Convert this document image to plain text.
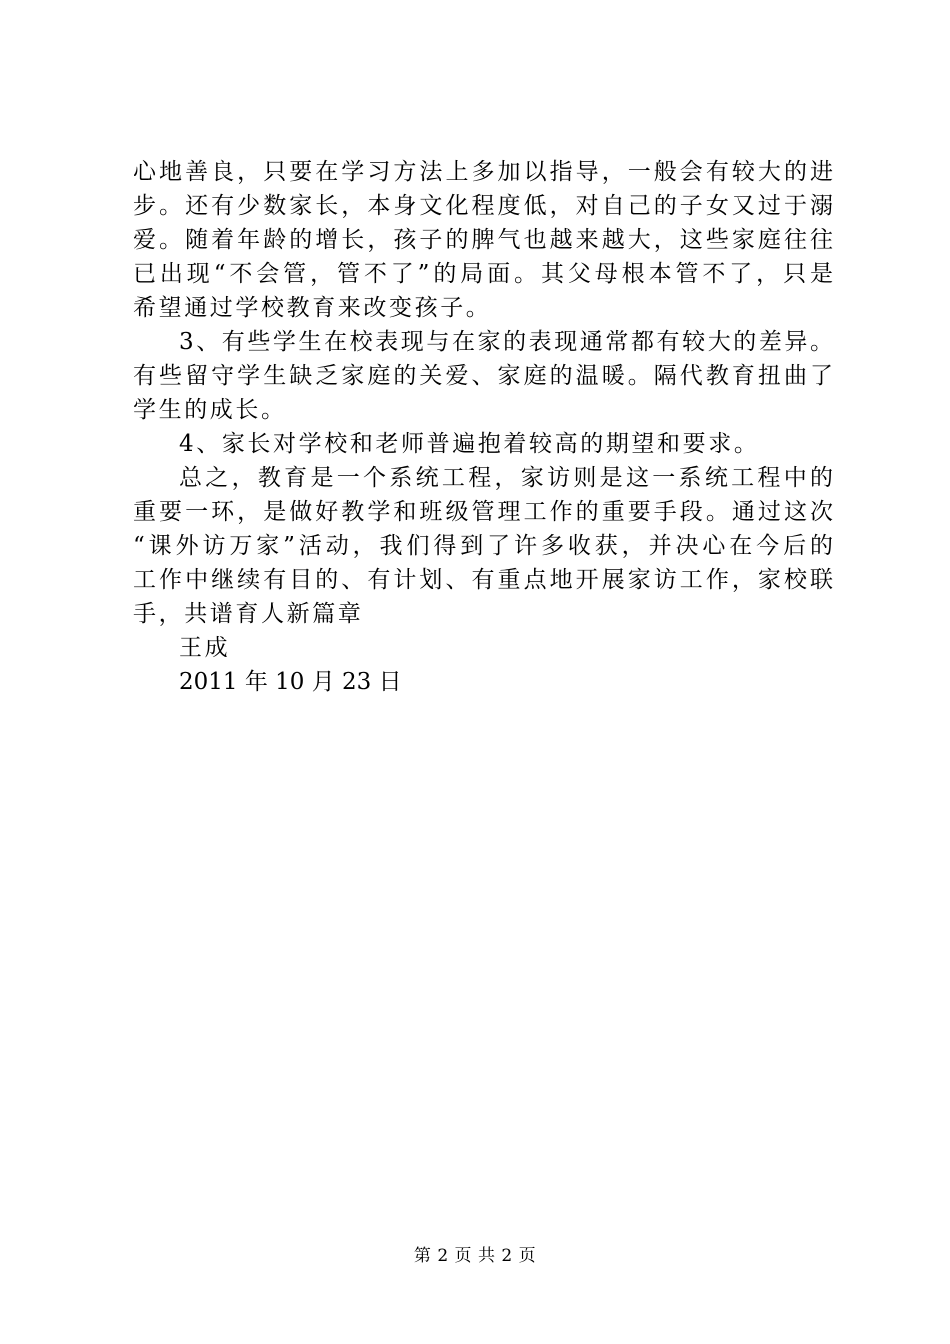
心地善良，只要在学习方法上多加以指导，一般会有较大的进
步。还有少数家长，本身文化程度低，对自己的子女又过于溺
爱。随着年龄的增长，孩子的脾气也越来越大，这些家庭往往
已出现“不会管，管不了”的局面。其父母根本管不了，只是
希望通过学校教育来改变孩子。
3、有些学生在校表现与在家的表现通常都有较大的差异。
有些留守学生缺乏家庭的关爱、家庭的温暖。隔代教育扭曲了
学生的成长。
4、家长对学校和老师普遍抱着较高的期望和要求。
总之，教育是一个系统工程，家访则是这一系统工程中的
重要一环，是做好教学和班级管理工作的重要手段。通过这次
“课外访万家”活动，我们得到了许多收获，并决心在今后的
工作中继续有目的、有计划、有重点地开展家访工作，家校联
手，共谱育人新篇章
王成
2011 年 10 月 23 日
第 2 页 共 2 页
